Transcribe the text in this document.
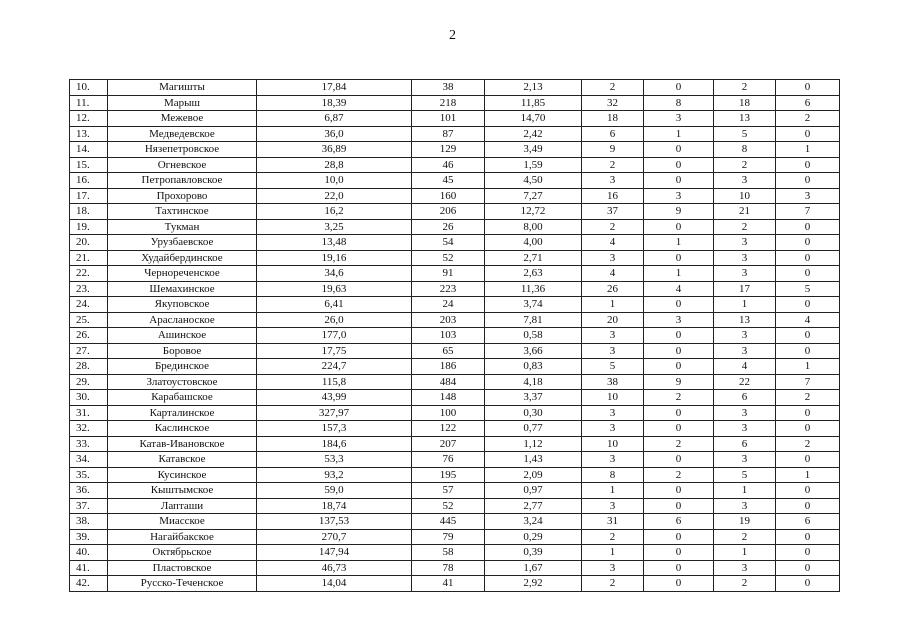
2
10.	Магишты	17,84	38	2,13	2	0	2	0
11.	Марыш	18,39	218	11,85	32	8	18	6
12.	Межевое	6,87	101	14,70	18	3	13	2
13.	Медведевское	36,0	87	2,42	6	1	5	0
14.	Нязепетровское	36,89	129	3,49	9	0	8	1
15.	Огневское	28,8	46	1,59	2	0	2	0
16.	Петропавловское	10,0	45	4,50	3	0	3	0
17.	Прохорово	22,0	160	7,27	16	3	10	3
18.	Тахтинское	16,2	206	12,72	37	9	21	7
19.	Тукман	3,25	26	8,00	2	0	2	0
20.	Урузбаевское	13,48	54	4,00	4	1	3	0
21.	Худайбердинское	19,16	52	2,71	3	0	3	0
22.	Чернореченское	34,6	91	2,63	4	1	3	0
23.	Шемахинское	19,63	223	11,36	26	4	17	5
24.	Якуповское	6,41	24	3,74	1	0	1	0
25.	Арасланоское	26,0	203	7,81	20	3	13	4
26.	Ашинское	177,0	103	0,58	3	0	3	0
27.	Боровое	17,75	65	3,66	3	0	3	0
28.	Брединское	224,7	186	0,83	5	0	4	1
29.	Златоустовское	115,8	484	4,18	38	9	22	7
30.	Карабашское	43,99	148	3,37	10	2	6	2
31.	Карталинское	327,97	100	0,30	3	0	3	0
32.	Каслинское	157,3	122	0,77	3	0	3	0
33.	Катав-Ивановское	184,6	207	1,12	10	2	6	2
34.	Катавское	53,3	76	1,43	3	0	3	0
35.	Кусинское	93,2	195	2,09	8	2	5	1
36.	Кыштымское	59,0	57	0,97	1	0	1	0
37.	Лапташи	18,74	52	2,77	3	0	3	0
38.	Миасское	137,53	445	3,24	31	6	19	6
39.	Нагайбакское	270,7	79	0,29	2	0	2	0
40.	Октябрьское	147,94	58	0,39	1	0	1	0
41.	Пластовское	46,73	78	1,67	3	0	3	0
42.	Русско-Теченское	14,04	41	2,92	2	0	2	0
